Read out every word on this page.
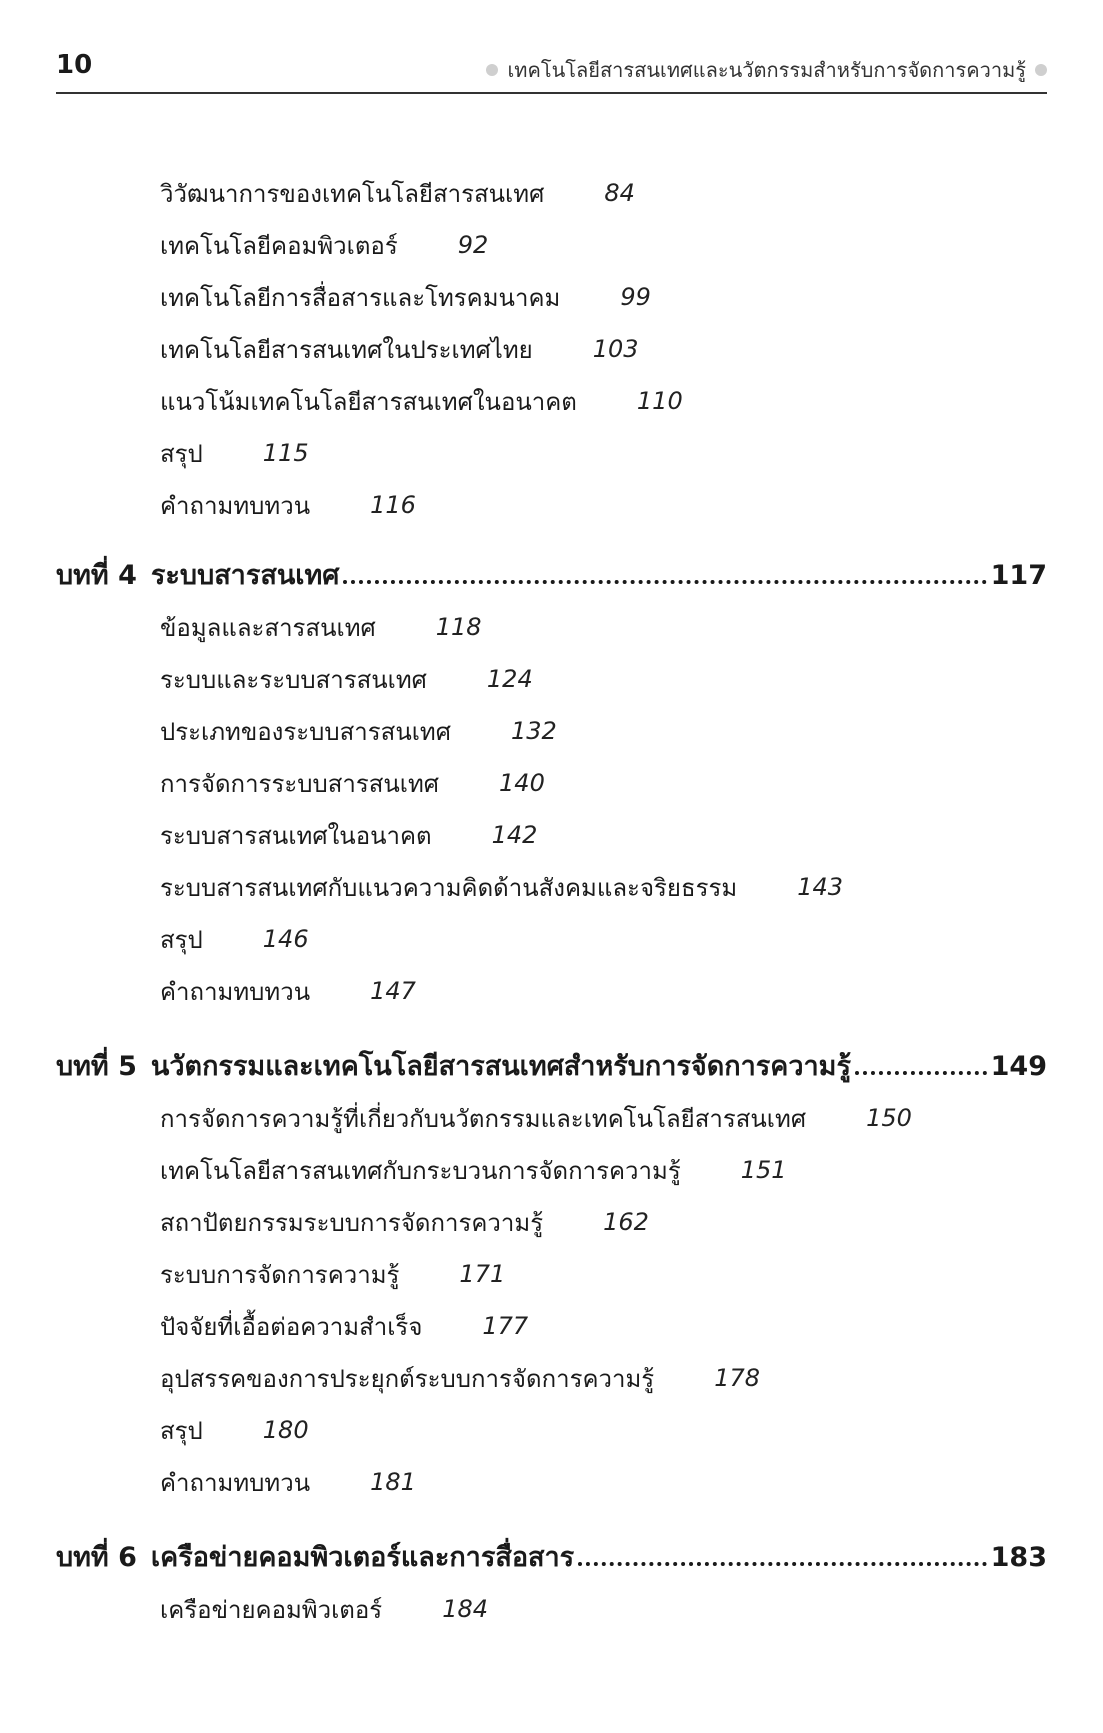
10	เทคโนโลยีสารสนเทศและนวัตกรรมสำหรับการจัดการความรู้
วิวัฒนาการของเทคโนโลยีสารสนเทศ	84
เทคโนโลยีคอมพิวเตอร์	92
เทคโนโลยีการสื่อสารและโทรคมนาคม	99
เทคโนโลยีสารสนเทศในประเทศไทย	103
แนวโน้มเทคโนโลยีสารสนเทศในอนาคต	110
สรุป	115
คำถามทบทวน	116
บทที่ 4 ระบบสารสนเทศ	117
ข้อมูลและสารสนเทศ	118
ระบบและระบบสารสนเทศ	124
ประเภทของระบบสารสนเทศ	132
การจัดการระบบสารสนเทศ	140
ระบบสารสนเทศในอนาคต	142
ระบบสารสนเทศกับแนวความคิดด้านสังคมและจริยธรรม	143
สรุป	146
คำถามทบทวน	147
บทที่ 5 นวัตกรรมและเทคโนโลยีสารสนเทศสำหรับการจัดการความรู้	149
การจัดการความรู้ที่เกี่ยวกับนวัตกรรมและเทคโนโลยีสารสนเทศ	150
เทคโนโลยีสารสนเทศกับกระบวนการจัดการความรู้	151
สถาปัตยกรรมระบบการจัดการความรู้	162
ระบบการจัดการความรู้	171
ปัจจัยที่เอื้อต่อความสำเร็จ	177
อุปสรรคของการประยุกต์ระบบการจัดการความรู้	178
สรุป	180
คำถามทบทวน	181
บทที่ 6 เครือข่ายคอมพิวเตอร์และการสื่อสาร	183
เครือข่ายคอมพิวเตอร์	184
